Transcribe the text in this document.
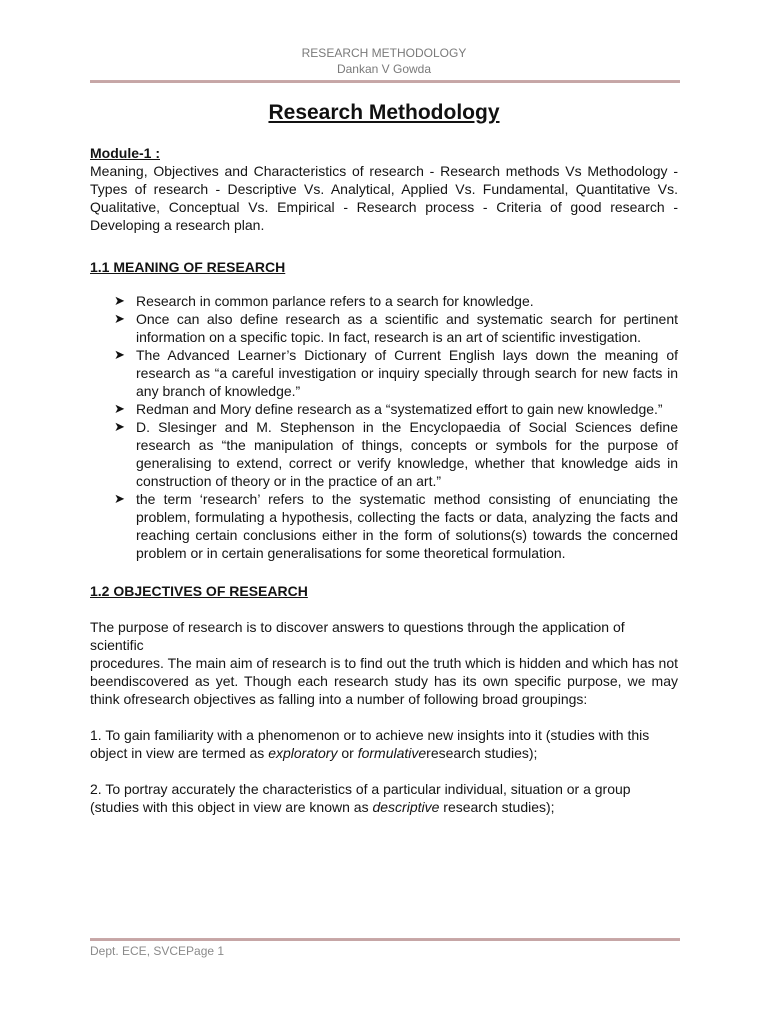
RESEARCH METHODOLOGY
Dankan V Gowda
Research Methodology

Module-1 :

Meaning, Objectives and Characteristics of research - Research methods Vs Methodology - Types of research - Descriptive Vs. Analytical, Applied Vs. Fundamental, Quantitative Vs. Qualitative, Conceptual Vs. Empirical - Research process - Criteria of good research - Developing a research plan.

1.1 MEANING OF RESEARCH

➤ Research in common parlance refers to a search for knowledge.
➤ Once can also define research as a scientific and systematic search for pertinent information on a specific topic. In fact, research is an art of scientific investigation.
➤ The Advanced Learner’s Dictionary of Current English lays down the meaning of research as “a careful investigation or inquiry specially through search for new facts in any branch of knowledge.”
➤ Redman and Mory define research as a “systematized effort to gain new knowledge.”
➤ D. Slesinger and M. Stephenson in the Encyclopaedia of Social Sciences define research as “the manipulation of things, concepts or symbols for the purpose of generalising to extend, correct or verify knowledge, whether that knowledge aids in construction of theory or in the practice of an art.”
➤ the term ‘research’ refers to the systematic method consisting of enunciating the problem, formulating a hypothesis, collecting the facts or data, analyzing the facts and reaching certain conclusions either in the form of solutions(s) towards the concerned problem or in certain generalisations for some theoretical formulation.

1.2 OBJECTIVES OF RESEARCH

The purpose of research is to discover answers to questions through the application of scientific

procedures. The main aim of research is to find out the truth which is hidden and which has not beendiscovered as yet. Though each research study has its own specific purpose, we may think ofresearch objectives as falling into a number of following broad groupings:

1. To gain familiarity with a phenomenon or to achieve new insights into it (studies with this

object in view are termed as exploratory or formulativeresearch studies);

2. To portray accurately the characteristics of a particular individual, situation or a group

(studies with this object in view are known as descriptive research studies);

Dept. ECE, SVCEPage 1
